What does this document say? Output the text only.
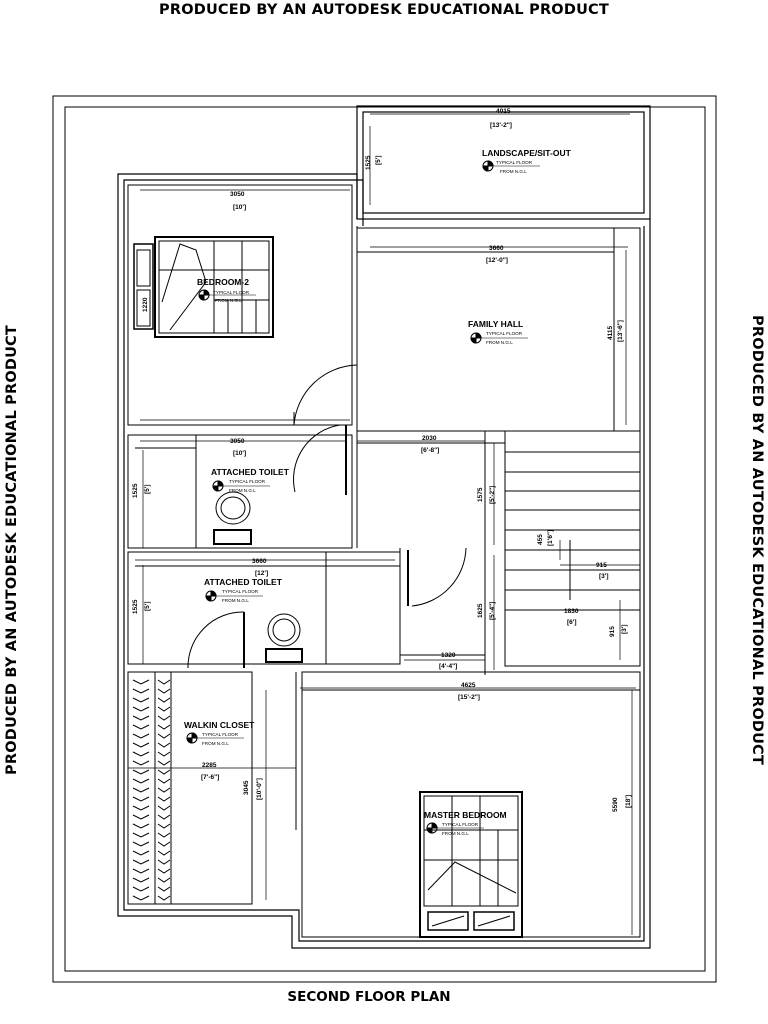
PRODUCED BY AN AUTODESK EDUCATIONAL PRODUCT
PRODUCED BY AN AUTODESK EDUCATIONAL PRODUCT	PRODUCED BY AN AUTODESK EDUCATIONAL PRODUCT
SECOND FLOOR PLAN
LANDSCAPE/SIT-OUT
TYPICAL FLOOR
FROM N.G.L
BEDROOM-2
TYPICAL FLOOR
FROM N.G.L
FAMILY HALL
TYPICAL FLOOR
FROM N.G.L
ATTACHED TOILET
TYPICAL FLOOR
FROM N.G.L
ATTACHED TOILET
TYPICAL FLOOR
FROM N.G.L
WALKIN CLOSET
TYPICAL FLOOR
FROM N.G.L
MASTER BEDROOM
TYPICAL FLOOR
FROM N.G.L
4015
[13'-2"]
1525 [5']
3050
[10']
1220
3660
[12'-0"]
4115 [13'-6"]
3050
[10']
1525 [5']
2030
[6'-8"]
1575 [5'-2"]
3660
[12']
1525 [5']	1625 [5'-4"]
1320
[4'-4"]
915
[3']
1830
[6']
915 [3']
455 [1'6"]
4625
[15'-2"]
5590 [18']
2285
[7'-6"]
3045 [10'-0"]
